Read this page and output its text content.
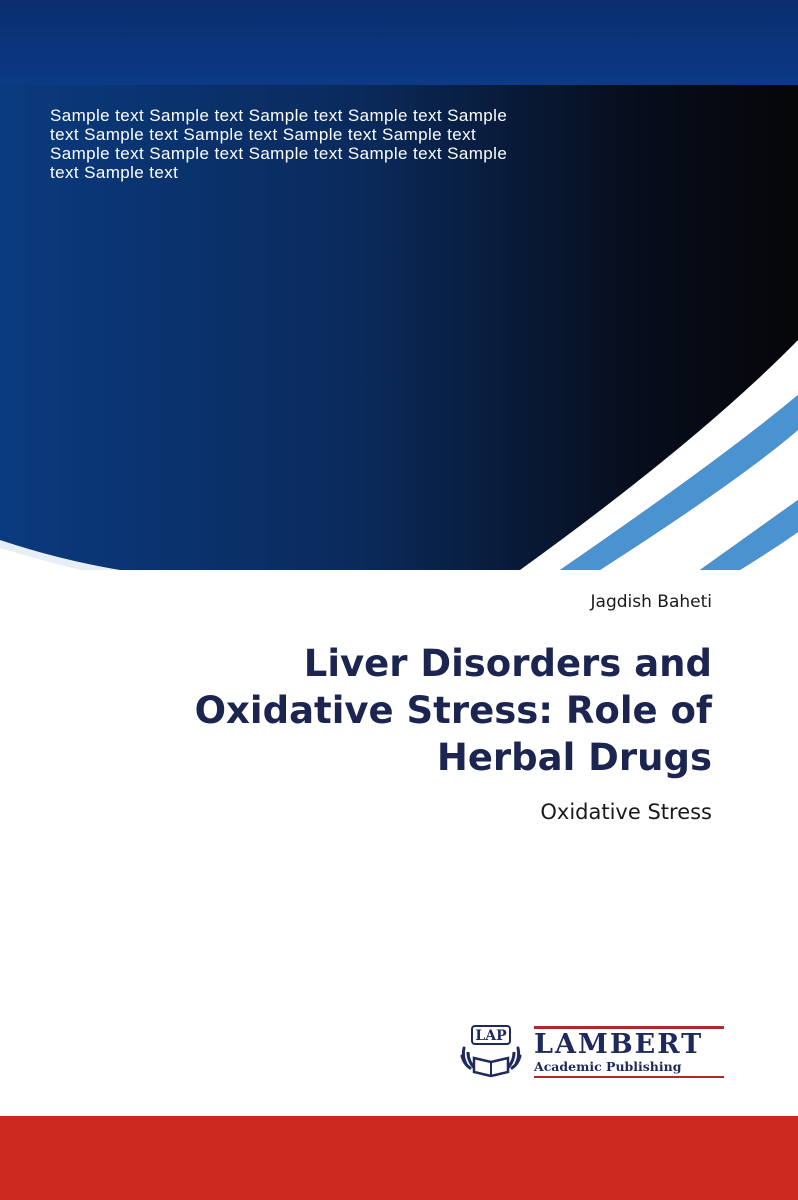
Sample text Sample text Sample text Sample text Sample text Sample text Sample text Sample text Sample text Sample text Sample text Sample text Sample text Sample text Sample text

Jagdish Baheti

Liver Disorders and Oxidative Stress: Role of Herbal Drugs

Oxidative Stress

LAP LAMBERT

Academic Publishing
